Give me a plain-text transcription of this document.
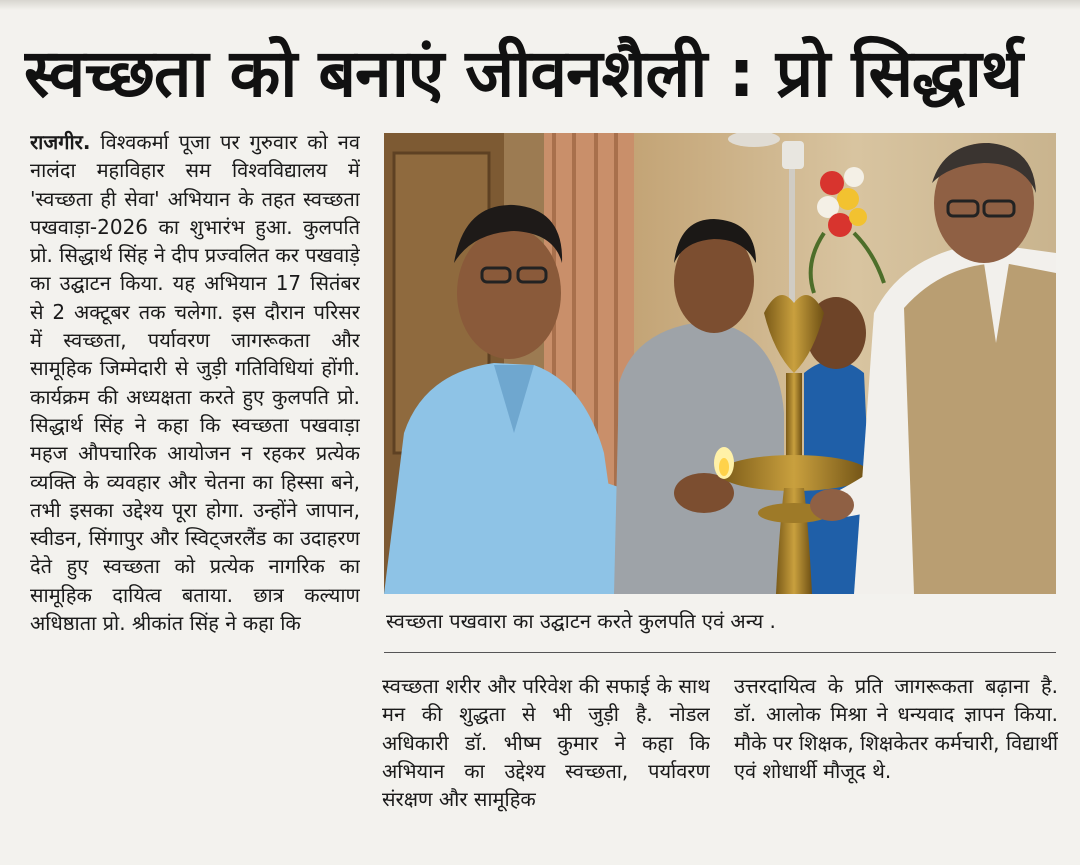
स्वच्छता को बनाएं जीवनशैली : प्रो सिद्धार्थ
राजगीर. विश्वकर्मा पूजा पर गुरुवार को नव नालंदा महाविहार सम विश्वविद्यालय में 'स्वच्छता ही सेवा' अभियान के तहत स्वच्छता पखवाड़ा-2026 का शुभारंभ हुआ. कुलपति प्रो. सिद्धार्थ सिंह ने दीप प्रज्वलित कर पखवाड़े का उद्घाटन किया. यह अभियान 17 सितंबर से 2 अक्टूबर तक चलेगा. इस दौरान परिसर में स्वच्छता, पर्यावरण जागरूकता और सामूहिक जिम्मेदारी से जुड़ी गतिविधियां होंगी. कार्यक्रम की अध्यक्षता करते हुए कुलपति प्रो. सिद्धार्थ सिंह ने कहा कि स्वच्छता पखवाड़ा महज औपचारिक आयोजन न रहकर प्रत्येक व्यक्ति के व्यवहार और चेतना का हिस्सा बने, तभी इसका उद्देश्य पूरा होगा. उन्होंने जापान, स्वीडन, सिंगापुर और स्विट्जरलैंड का उदाहरण देते हुए स्वच्छता को प्रत्येक नागरिक का सामूहिक दायित्व बताया. छात्र कल्याण अधिष्ठाता प्रो. श्रीकांत सिंह ने कहा कि	स्वच्छता पखवारा का उद्घाटन करते कुलपति एवं अन्य .
स्वच्छता शरीर और परिवेश की सफाई के साथ मन की शुद्धता से भी जुड़ी है. नोडल अधिकारी डॉ. भीष्म कुमार ने कहा कि अभियान का उद्देश्य स्वच्छता, पर्यावरण संरक्षण और सामूहिक
उत्तरदायित्व के प्रति जागरूकता बढ़ाना है. डॉ. आलोक मिश्रा ने धन्यवाद ज्ञापन किया. मौके पर शिक्षक, शिक्षकेतर कर्मचारी, विद्यार्थी एवं शोधार्थी मौजूद थे.
